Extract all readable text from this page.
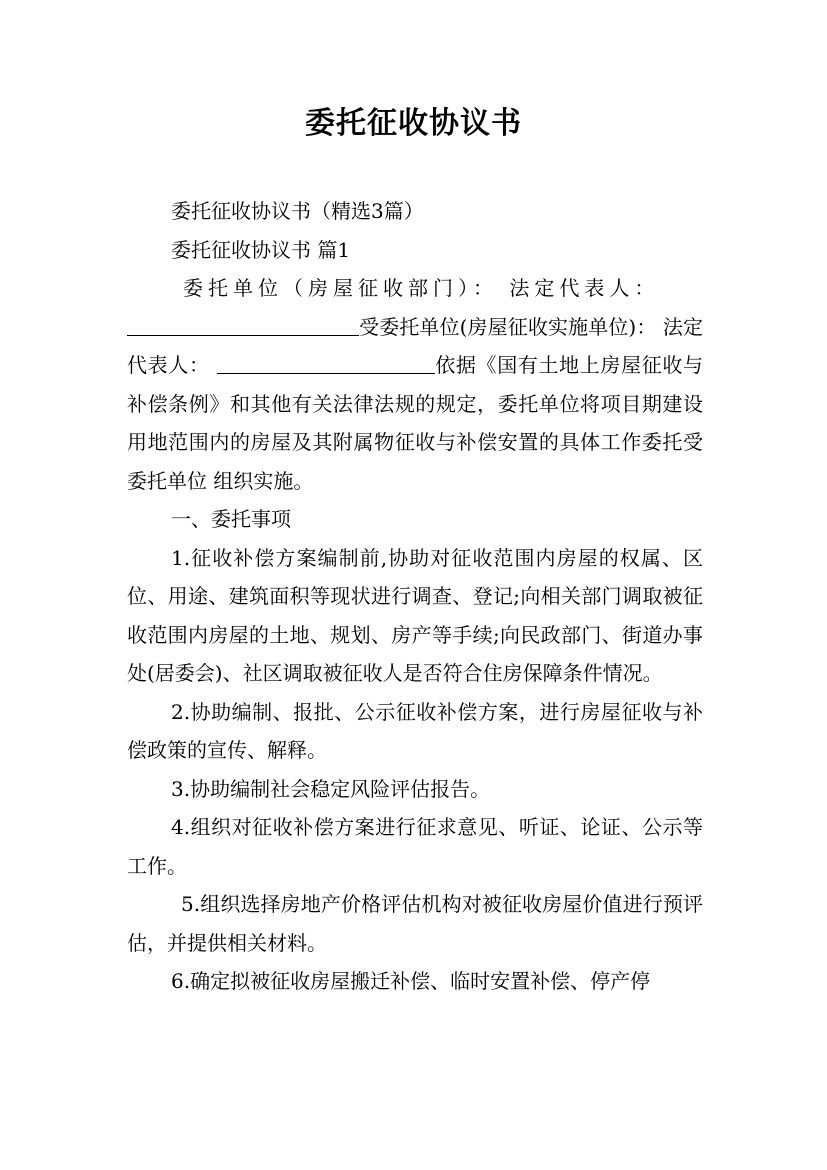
委托征收协议书

委托征收协议书（精选3篇）

委托征收协议书 篇1

委托单位（房屋征收部门）： 法定代表人：

受委托单位(房屋征收实施单位)： 法定代表人：	依据《国有土地上房屋征收与补偿条例》和其他有关法律法规的规定，委托单位将项目期建设用地范围内的房屋及其附属物征收与补偿安置的具体工作委托受委托单位 组织实施。

一、委托事项

1.征收补偿方案编制前,协助对征收范围内房屋的权属、区位、用途、建筑面积等现状进行调查、登记;向相关部门调取被征收范围内房屋的土地、规划、房产等手续;向民政部门、街道办事处(居委会)、社区调取被征收人是否符合住房保障条件情况。

2.协助编制、报批、公示征收补偿方案，进行房屋征收与补偿政策的宣传、解释。

3.协助编制社会稳定风险评估报告。

4.组织对征收补偿方案进行征求意见、听证、论证、公示等工作。

5.组织选择房地产价格评估机构对被征收房屋价值进行预评估，并提供相关材料。

6.确定拟被征收房屋搬迁补偿、临时安置补偿、停产停
